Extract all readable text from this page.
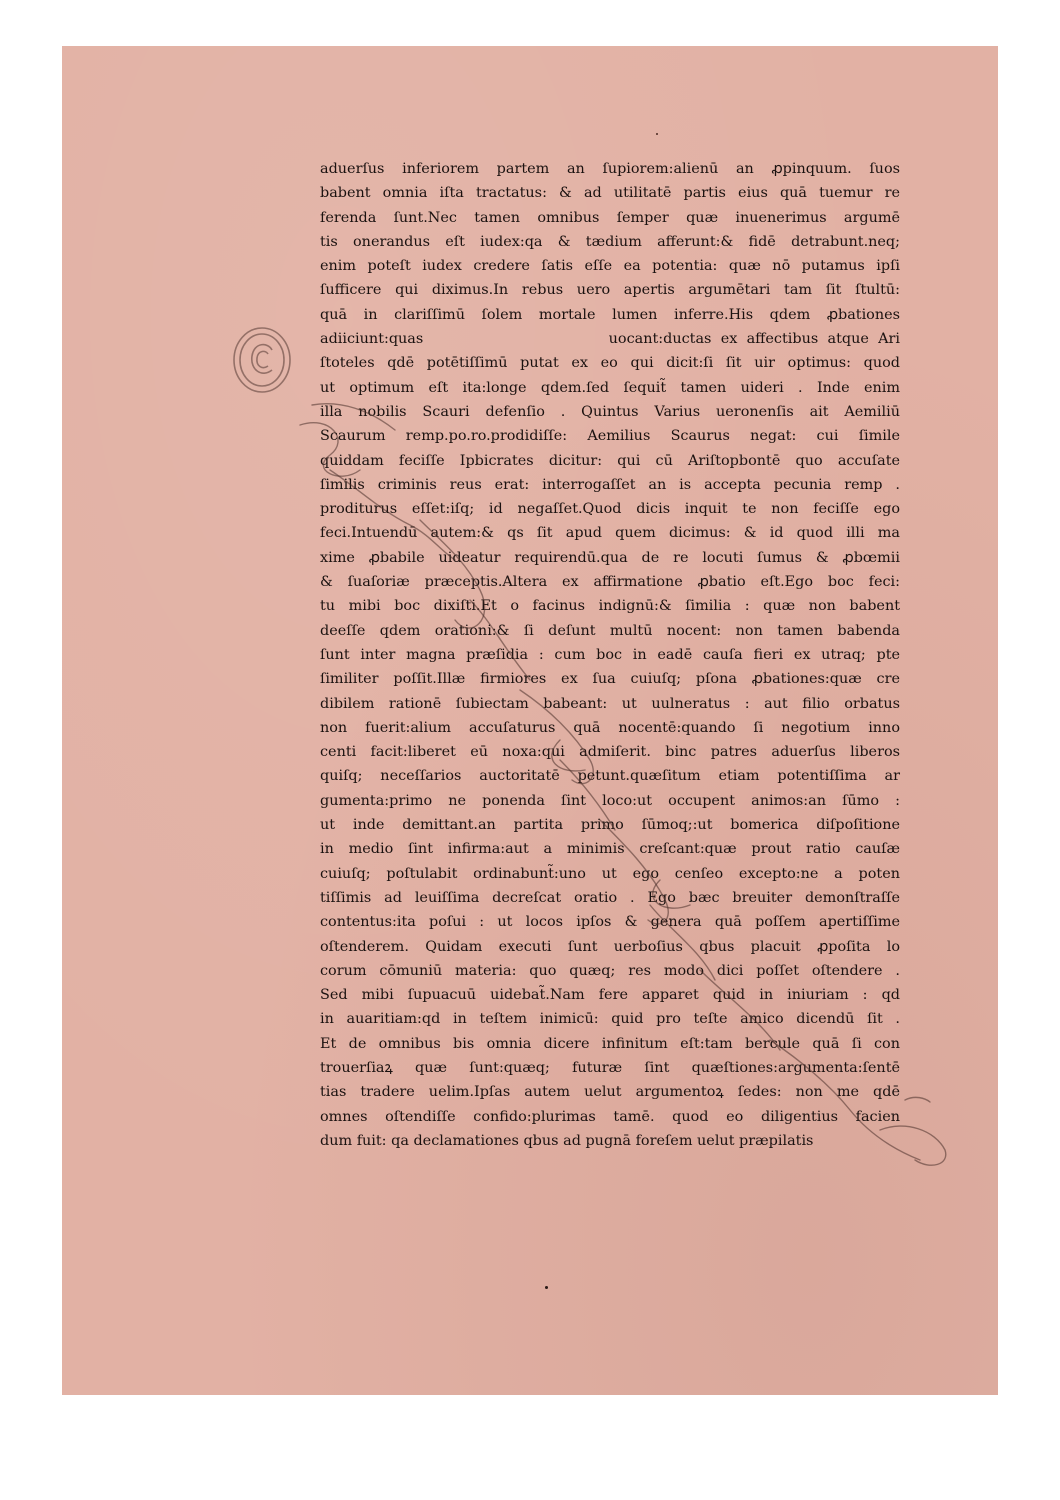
aduerſus inferiorem partem an ſupiorem:alienū an ꝓpinquum. ſuos
babent omnia iſta tractatus: & ad utilitatē partis eius quā tuemur re
ferenda ſunt.Nec tamen omnibus ſemper quæ inuenerimus argumē
tis onerandus eſt iudex:qa & tædium afferunt:& fidē detrabunt.neq;
enim poteſt iudex credere ſatis eſſe ea potentia: quæ nō putamus ipſi
ſufficere qui diximus.In rebus uero apertis argumētari tam ſit ſtultū:
quā in clariſſimū ſolem mortale lumen inferre.His qdem ꝓbationes
adiiciunt:quas                    uocant:ductas ex affectibus atque Ari
ſtoteles qdē potētiſſimū putat ex eo qui dicit:ſi ſit uir optimus: quod
ut optimum eſt ita:longe qdem.ſed ſequit̃ tamen uideri . Inde enim
illa nobilis Scauri defenſio . Quintus Varius ueronenſis ait Aemiliū
Scaurum remp.po.ro.prodidiſſe: Aemilius Scaurus negat: cui ſimile
quiddam feciſſe Ipbicrates dicitur: qui cū Ariſtopbontē quo accuſate
ſimilis criminis reus erat: interrogaſſet an is accepta pecunia remp .
proditurus eſſet:iſq; id negaſſet.Quod dicis inquit te non feciſſe ego
feci.Intuendū autem:& qs ſit apud quem dicimus: & id quod illi ma
xime ꝓbabile uideatur requirendū.qua de re locuti ſumus & ꝓbœmii
& ſuaſoriæ præceptis.Altera ex affirmatione ꝓbatio eſt.Ego boc feci:
tu mibi boc dixiſti.Et o facinus indignū:& ſimilia : quæ non babent
deeſſe qdem orationi:& ſi deſunt multū nocent: non tamen babenda
ſunt inter magna præſidia : cum boc in eadē cauſa fieri ex utraq; pte
ſimiliter poſſit.Illæ firmiores ex ſua cuiuſq; pſona ꝓbationes:quæ cre
dibilem rationē ſubiectam babeant: ut uulneratus : aut filio orbatus
non fuerit:alium accuſaturus quā nocentē:quando ſi negotium inno
centi facit:liberet eū noxa:qui admiſerit. binc patres aduerſus liberos
quiſq; neceſſarios auctoritatē petunt.quæſitum etiam potentiſſima ar
gumenta:primo ne ponenda ſint loco:ut occupent animos:an ſūmo :
ut inde demittant.an partita primo ſūmoq;:ut bomerica diſpoſitione
in medio ſint infirma:aut a minimis creſcant:quæ prout ratio cauſæ
cuiuſq; poſtulabit ordinabunt̃:uno ut ego cenſeo excepto:ne a poten
tiſſimis ad leuiſſima decreſcat oratio . Ego bæc breuiter demonſtraſſe
contentus:ita poſui : ut locos ipſos & genera quā poſſem apertiſſime
oſtenderem. Quidam executi ſunt uerboſius qbus placuit ꝓpoſita lo
corum cōmuniū materia: quo quæq; res modo dici poſſet oſtendere .
Sed mibi ſupuacuū uidebat̃.Nam fere apparet quid in iniuriam : qd
in auaritiam:qd in teſtem inimicū: quid pro teſte amico dicendū ſit .
Et de omnibus bis omnia dicere infinitum eſt:tam bercule quā ſi con
trouerſiaꝝ quæ ſunt:quæq; futuræ ſint quæſtiones:argumenta:ſentē
tias tradere uelim.Ipſas autem uelut argumentoꝝ ſedes: non me qdē
omnes oſtendiſſe confido:plurimas tamē. quod eo diligentius facien
dum fuit: qa declamationes qbus ad pugnā foreſem uelut præpilatis
